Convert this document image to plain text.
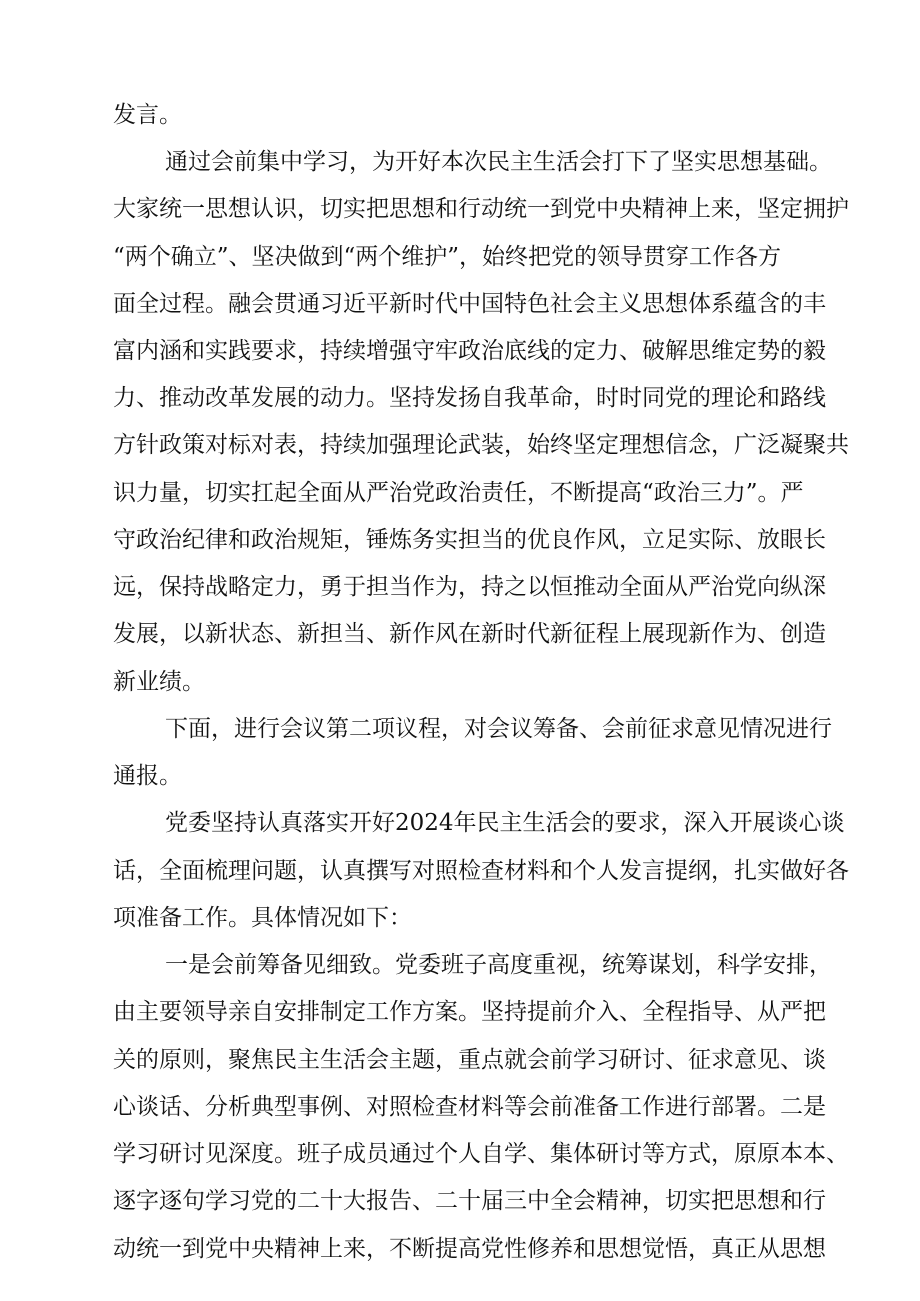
发言。

通过会前集中学习，为开好本次民主生活会打下了坚实思想基础。

大家统一思想认识，切实把思想和行动统一到党中央精神上来，坚定拥护

“两个确立”、坚决做到“两个维护”，始终把党的领导贯穿工作各方

面全过程。融会贯通习近平新时代中国特色社会主义思想体系蕴含的丰

富内涵和实践要求，持续增强守牢政治底线的定力、破解思维定势的毅

力、推动改革发展的动力。坚持发扬自我革命，时时同党的理论和路线

方针政策对标对表，持续加强理论武装，始终坚定理想信念，广泛凝聚共

识力量，切实扛起全面从严治党政治责任，不断提高“政治三力”。严

守政治纪律和政治规矩，锤炼务实担当的优良作风，立足实际、放眼长

远，保持战略定力，勇于担当作为，持之以恒推动全面从严治党向纵深

发展，以新状态、新担当、新作风在新时代新征程上展现新作为、创造

新业绩。

下面，进行会议第二项议程，对会议筹备、会前征求意见情况进行

通报。

党委坚持认真落实开好2024年民主生活会的要求，深入开展谈心谈

话，全面梳理问题，认真撰写对照检查材料和个人发言提纲，扎实做好各

项准备工作。具体情况如下：

一是会前筹备见细致。党委班子高度重视，统筹谋划，科学安排，

由主要领导亲自安排制定工作方案。坚持提前介入、全程指导、从严把

关的原则，聚焦民主生活会主题，重点就会前学习研讨、征求意见、谈

心谈话、分析典型事例、对照检查材料等会前准备工作进行部署。二是

学习研讨见深度。班子成员通过个人自学、集体研讨等方式，原原本本、

逐字逐句学习党的二十大报告、二十届三中全会精神，切实把思想和行

动统一到党中央精神上来，不断提高党性修养和思想觉悟，真正从思想
